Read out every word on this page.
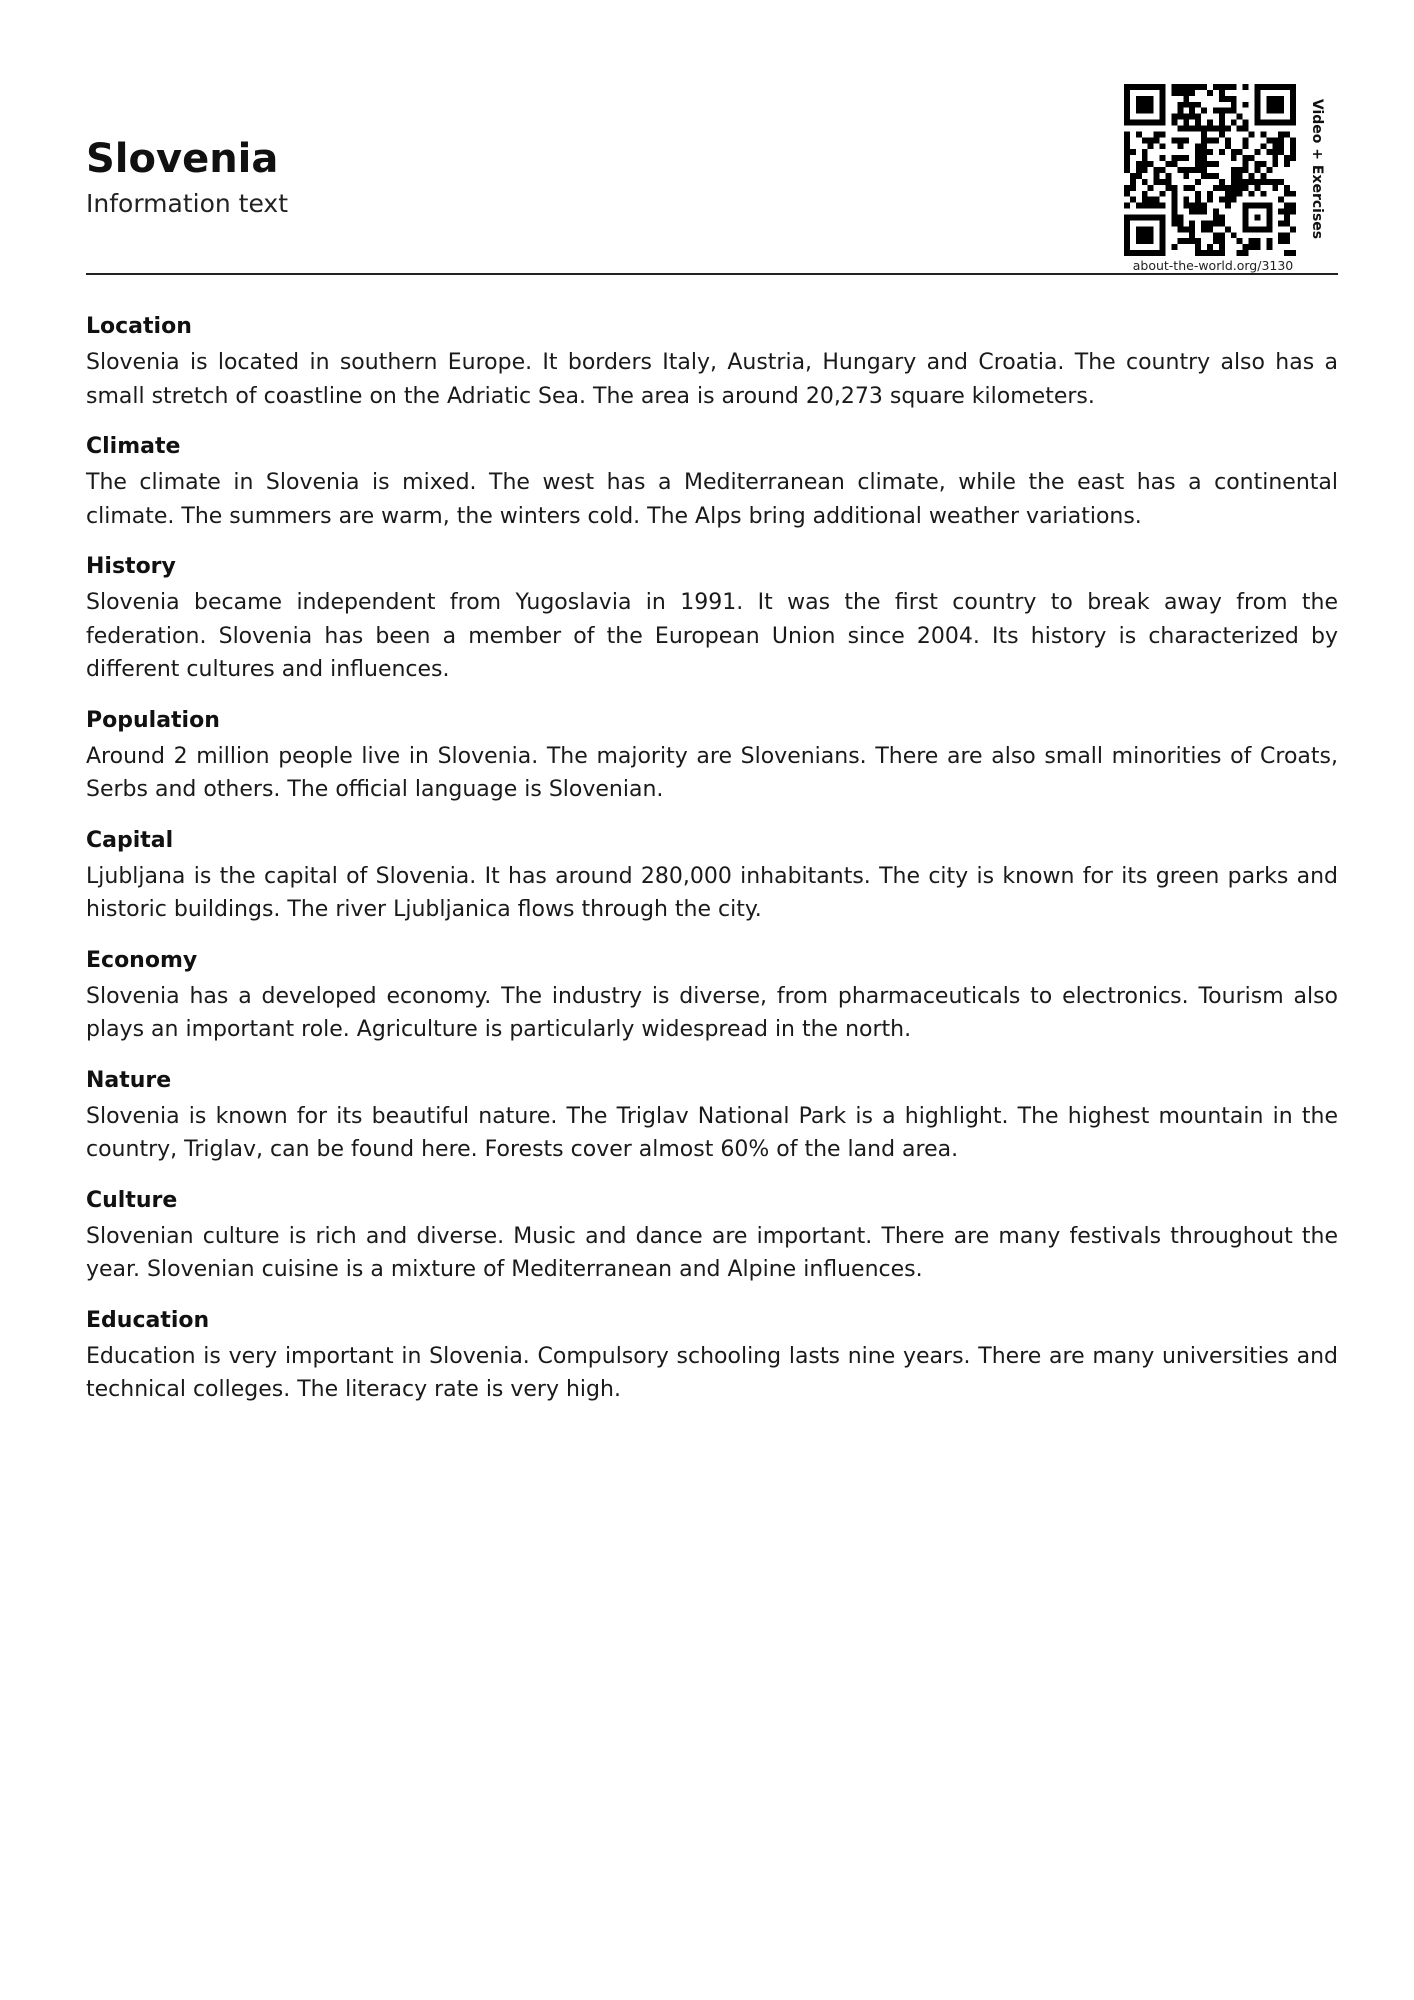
Slovenia
Information text
about-the-world.org/3130
Video + Exercises
Location

Slovenia is located in southern Europe. It borders Italy, Austria, Hungary and Croatia. The country also has a small stretch of coastline on the Adriatic Sea. The area is around 20,273 square kilometers.

Climate

The climate in Slovenia is mixed. The west has a Mediterranean climate, while the east has a continental climate. The summers are warm, the winters cold. The Alps bring additional weather variations.

History

Slovenia became independent from Yugoslavia in 1991. It was the first country to break away from the federation. Slovenia has been a member of the European Union since 2004. Its history is characterized by different cultures and influences.

Population

Around 2 million people live in Slovenia. The majority are Slovenians. There are also small minorities of Croats, Serbs and others. The official language is Slovenian.

Capital

Ljubljana is the capital of Slovenia. It has around 280,000 inhabitants. The city is known for its green parks and historic buildings. The river Ljubljanica flows through the city.

Economy

Slovenia has a developed economy. The industry is diverse, from pharmaceuticals to electronics. Tourism also plays an important role. Agriculture is particularly widespread in the north.

Nature

Slovenia is known for its beautiful nature. The Triglav National Park is a highlight. The highest mountain in the country, Triglav, can be found here. Forests cover almost 60% of the land area.

Culture

Slovenian culture is rich and diverse. Music and dance are important. There are many festivals throughout the year. Slovenian cuisine is a mixture of Mediterranean and Alpine influences.

Education

Education is very important in Slovenia. Compulsory schooling lasts nine years. There are many universities and technical colleges. The literacy rate is very high.
